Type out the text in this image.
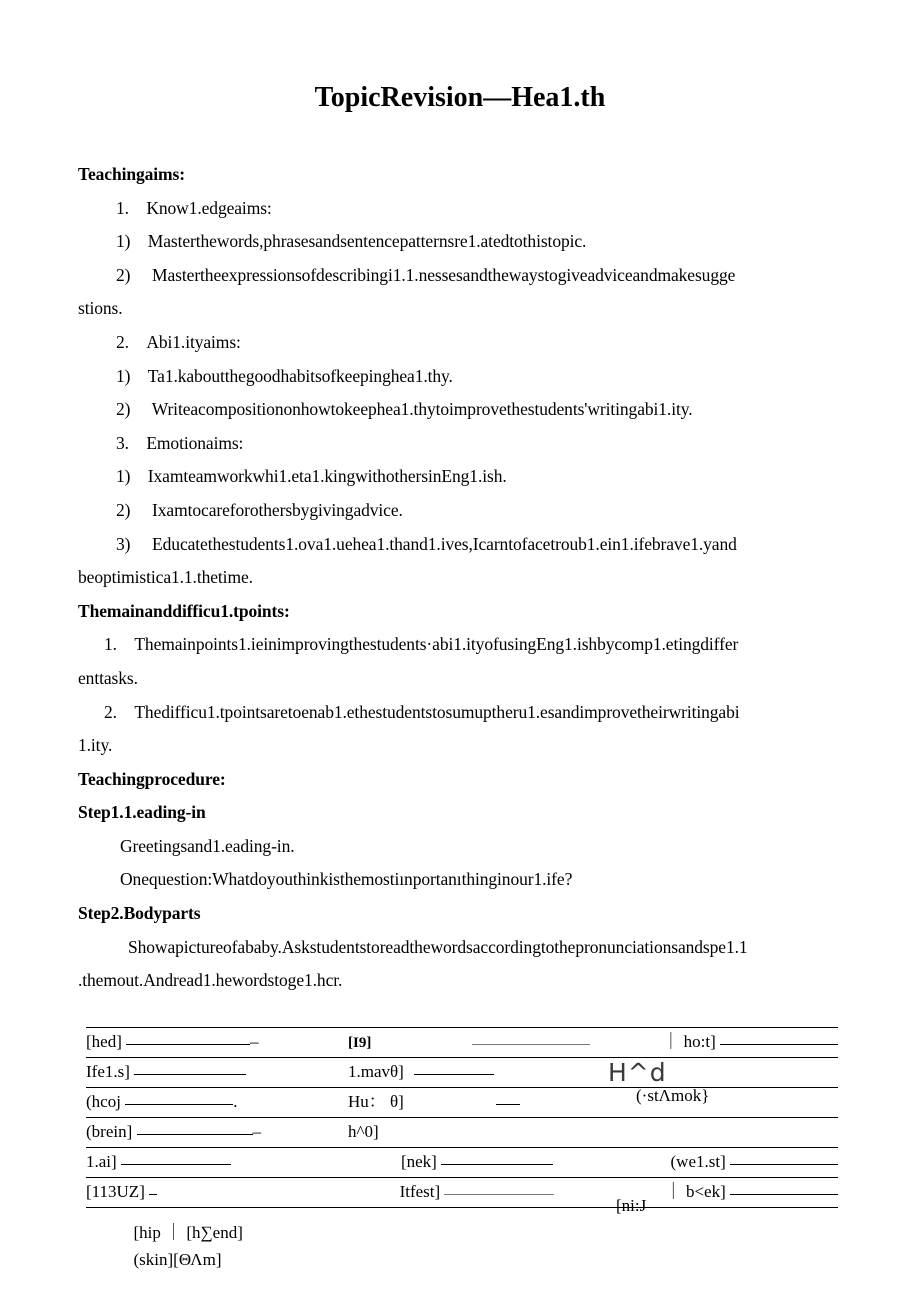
TopicRevision—Hea1.th
Teachingaims:
1. Know1.edgeaims:
1) Masterthewords,phrasesandsentencepatternsre1.atedtothistopic.
2)  Mastertheexpressionsofdescribingi1.1.nessesandthewaystogiveadviceandmakesugge
stions.
2. Abi1.ityaims:
1) Ta1.kaboutthegoodhabitsofkeepinghea1.thy.
2)  Writeacompositiononhowtokeephea1.thytoimprovethestudents'writingabi1.ity.
3. Emotionaims:
1) Ixamteamworkwhi1.eta1.kingwithothersinEng1.ish.
2)  Ixamtocareforothersbygivingadvice.
3)  Educatethestudents1.ova1.uehea1.thand1.ives,Icarntofacetroub1.ein1.ifebrave1.yand
beoptimistica1.1.thetime.
Themainanddifficu1.tpoints:
1. Themainpoints1.ieinimprovingthestudents·abi1.ityofusingEng1.ishbycomp1.etingdiffer
enttasks.
2. Thedifficu1.tpointsaretoenab1.ethestudentstosumuptheru1.esandimprovetheirwritingabi
1.ity.
Teachingprocedure:
Step1.1.eading-in
Greetingsand1.eading-in.
Onequestion:Whatdoyouthinkisthemostiınportanıthinginour1.ife?
Step2.Bodyparts
Showapictureofababy.Askstudentstoreadthewordsaccordingtothepronunciationsandspe1.1
.themout.Andread1.hewordstoge1.hcr.
[hed] –	[I9]	｜ ho:t]

Ife1.s]	1.mavθ]	

(hcoj .	Hu： θ]	

(brein] –	h^0]	

1.ai]	[nek]	(we1.st]

[113UZ]	Itfest]	｜ b<ek]
H^d
(·stΛmok}

[hip ｜ [h∑end]

[ni:J

(skin][ΘΛm]
